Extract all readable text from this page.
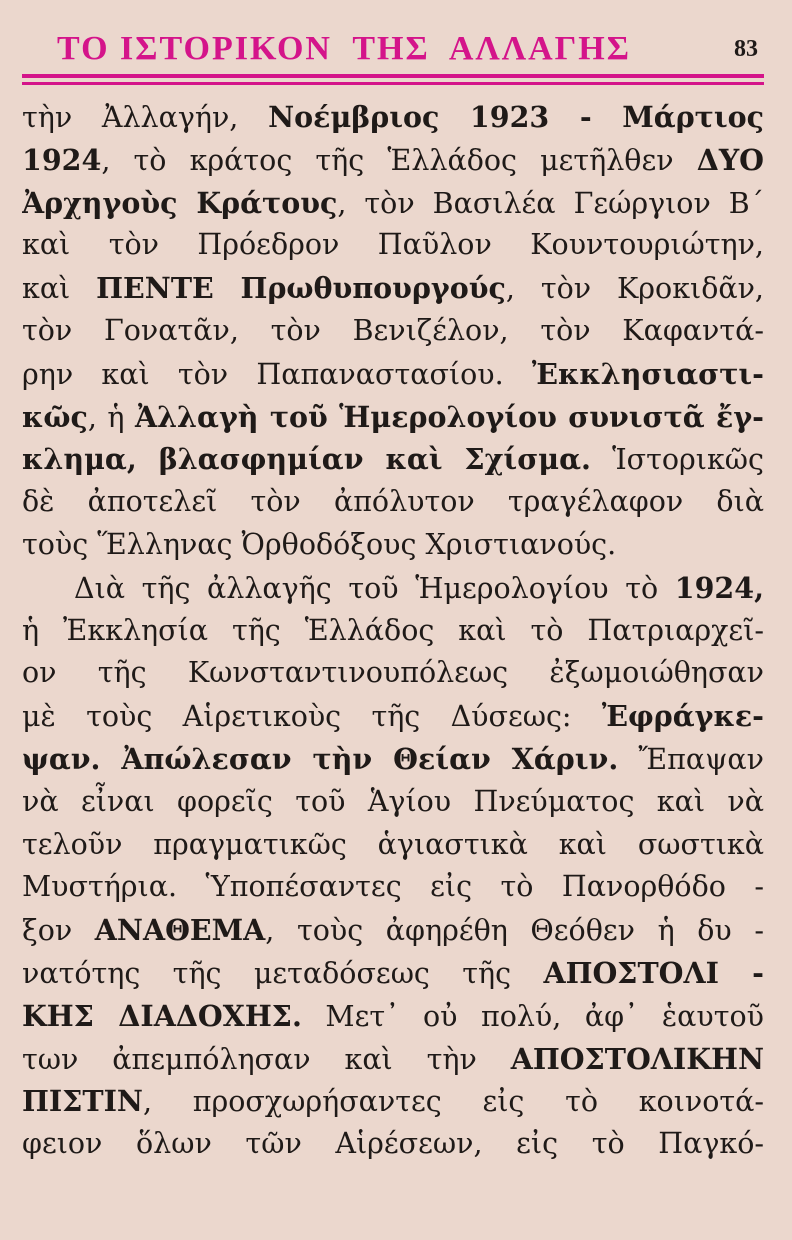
ΤΟ ΙΣΤΟΡΙΚΟΝ  ΤΗΣ  ΑΛΛΑΓΗΣ	83
τὴν Ἀλλαγήν, Νοέμβριος 1923 - Μάρτιος
1924, τὸ κράτος τῆς Ἑλλάδος μετῆλθεν ΔΥΟ
Ἀρχηγοὺς Κράτους, τὸν Βασιλέα Γεώργιον Β΄
καὶ τὸν Πρόεδρον Παῦλον Κουντουριώτην,
καὶ ΠΕΝΤΕ Πρωθυπουργούς, τὸν Κροκιδᾶν,
τὸν Γονατᾶν, τὸν Βενιζέλον, τὸν Καφαντά-
ρην καὶ τὸν Παπαναστασίου. Ἐκκλησιαστι-
κῶς, ἡ Ἀλλαγὴ τοῦ Ἡμερολογίου συνιστᾶ ἔγ-
κλημα, βλασφημίαν καὶ Σχίσμα. Ἱστορικῶς
δὲ ἀποτελεῖ τὸν ἀπόλυτον τραγέλαφον διὰ
τοὺς Ἕλληνας Ὀρθοδόξους Χριστιανούς.
Διὰ τῆς ἀλλαγῆς τοῦ Ἡμερολογίου τὸ 1924,
ἡ Ἐκκλησία τῆς Ἑλλάδος καὶ τὸ Πατριαρχεῖ-
ον τῆς Κωνσταντινουπόλεως ἐξωμοιώθησαν
μὲ τοὺς Αἱρετικοὺς τῆς Δύσεως: Ἐφράγκε-
ψαν. Ἀπώλεσαν τὴν Θείαν Χάριν. Ἔπαψαν
νὰ εἶναι φορεῖς τοῦ Ἁγίου Πνεύματος καὶ νὰ
τελοῦν πραγματικῶς ἁγιαστικὰ καὶ σωστικὰ
Μυστήρια. Ὑποπέσαντες εἰς τὸ Πανορθόδο -
ξον ΑΝΑΘΕΜΑ, τοὺς ἀφηρέθη Θεόθεν ἡ δυ -
νατότης τῆς μεταδόσεως τῆς ΑΠΟΣΤΟΛΙ -
ΚΗΣ ΔΙΑΔΟΧΗΣ. Μετ᾽ οὐ πολύ, ἀφ᾽ ἑαυτοῦ
των ἀπεμπόλησαν καὶ τὴν ΑΠΟΣΤΟΛΙΚΗΝ
ΠΙΣΤΙΝ, προσχωρήσαντες εἰς τὸ κοινοτά-
φειον ὅλων τῶν Αἱρέσεων, εἰς τὸ Παγκό-
